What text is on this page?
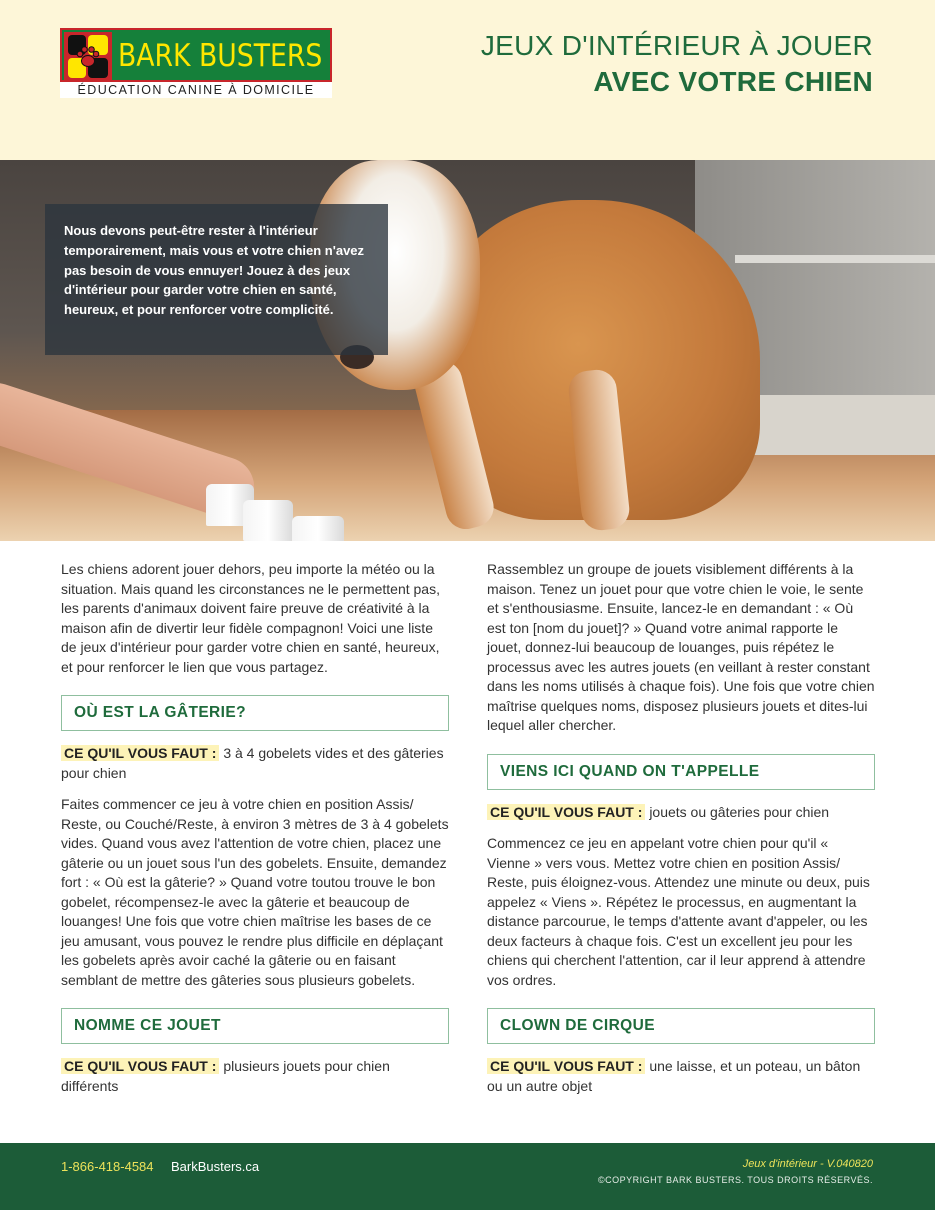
BARK BUSTERS
ÉDUCATION CANINE À DOMICILE
JEUX D'INTÉRIEUR À JOUER
AVEC VOTRE CHIEN

Nous devons peut-être rester à l'intérieur temporairement, mais vous et votre chien n'avez pas besoin de vous ennuyer! Jouez à des jeux d'intérieur pour garder votre chien en santé, heureux, et pour renforcer votre complicité.

Les chiens adorent jouer dehors, peu importe la météo ou la situation. Mais quand les circonstances ne le permettent pas, les parents d'animaux doivent faire preuve de créativité à la maison afin de divertir leur fidèle compagnon! Voici une liste de jeux d'intérieur pour garder votre chien en santé, heureux, et pour renforcer le lien que vous partagez.

OÙ EST LA GÂTERIE?

CE QU'IL VOUS FAUT : 3 à 4 gobelets vides et des gâteries pour chien

Faites commencer ce jeu à votre chien en position Assis/ Reste, ou Couché/Reste, à environ 3 mètres de 3 à 4 gobelets vides. Quand vous avez l'attention de votre chien, placez une gâterie ou un jouet sous l'un des gobelets. Ensuite, demandez fort : « Où est la gâterie? » Quand votre toutou trouve le bon gobelet, récompensez-le avec la gâterie et beaucoup de louanges! Une fois que votre chien maîtrise les bases de ce jeu amusant, vous pouvez le rendre plus difficile en déplaçant les gobelets après avoir caché la gâterie ou en faisant semblant de mettre des gâteries sous plusieurs gobelets.

NOMME CE JOUET

CE QU'IL VOUS FAUT : plusieurs jouets pour chien différents

Rassemblez un groupe de jouets visiblement différents à la maison. Tenez un jouet pour que votre chien le voie, le sente et s'enthousiasme. Ensuite, lancez-le en demandant : « Où est ton [nom du jouet]? » Quand votre animal rapporte le jouet, donnez-lui beaucoup de louanges, puis répétez le processus avec les autres jouets (en veillant à rester constant dans les noms utilisés à chaque fois). Une fois que votre chien maîtrise quelques noms, disposez plusieurs jouets et dites-lui lequel aller chercher.

VIENS ICI QUAND ON T'APPELLE

CE QU'IL VOUS FAUT : jouets ou gâteries pour chien

Commencez ce jeu en appelant votre chien pour qu'il « Vienne » vers vous. Mettez votre chien en position Assis/ Reste, puis éloignez-vous. Attendez une minute ou deux, puis appelez « Viens ». Répétez le processus, en augmentant la distance parcourue, le temps d'attente avant d'appeler, ou les deux facteurs à chaque fois. C'est un excellent jeu pour les chiens qui cherchent l'attention, car il leur apprend à attendre vos ordres.

CLOWN DE CIRQUE

CE QU'IL VOUS FAUT : une laisse, et un poteau, un bâton ou un autre objet

1-866-418-4584 BarkBusters.ca	Jeux d'intérieur - V.040820
©COPYRIGHT BARK BUSTERS. TOUS DROITS RÉSERVÉS.
